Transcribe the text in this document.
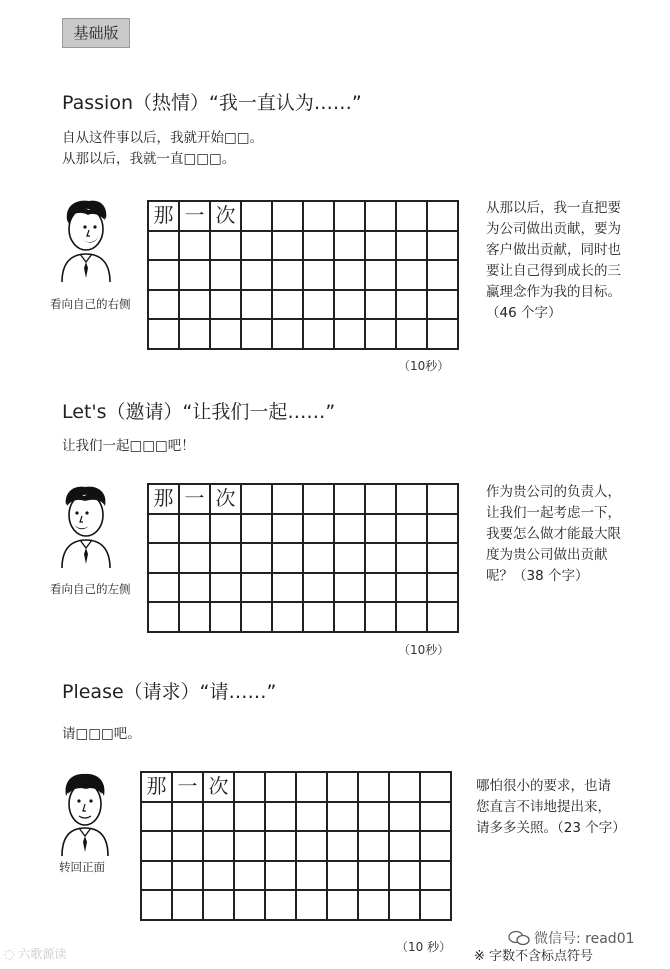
基础版
Passion（热情）“我一直认为……”
自从这件事以后，我就开始□□。
从那以后，我就一直□□□。
看向自己的右侧
那 一 次
（10秒）
从那以后，我一直把要
为公司做出贡献，要为
客户做出贡献，同时也
要让自己得到成长的三
赢理念作为我的目标。
（46 个字）
Let's（邀请）“让我们一起……”
让我们一起□□□吧！
看向自己的左侧
那 一 次
（10秒）
作为贵公司的负责人，
让我们一起考虑一下，
我要怎么做才能最大限
度为贵公司做出贡献
呢？（38 个字）
Please（请求）“请……”
请□□□吧。
转回正面
那 一 次
（10 秒）
哪怕很小的要求，也请
您直言不讳地提出来，
请多多关照。（23 个字）
微信号: read01
※ 字数不含标点符号
◌ 六歌源读
